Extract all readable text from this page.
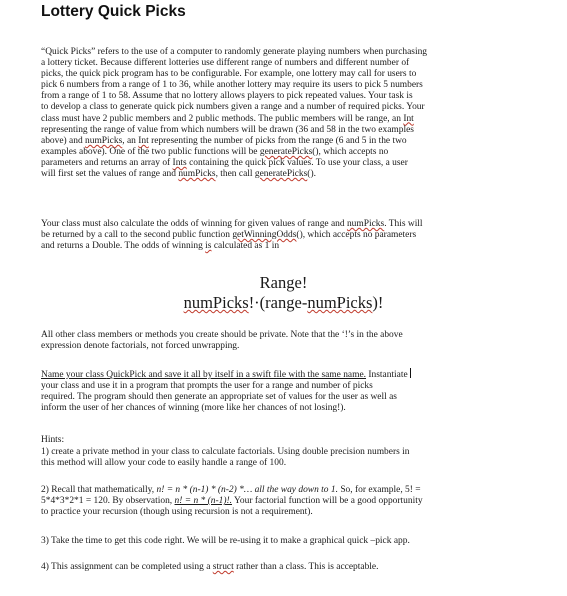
Lottery Quick Picks
“Quick Picks” refers to the use of a computer to randomly generate playing numbers when purchasing
a lottery ticket. Because different lotteries use different range of numbers and different number of
picks, the quick pick program has to be configurable. For example, one lottery may call for users to
pick 6 numbers from a range of 1 to 36, while another lottery may require its users to pick 5 numbers
from a range of 1 to 58. Assume that no lottery allows players to pick repeated values. Your task is
to develop a class to generate quick pick numbers given a range and a number of required picks. Your
class must have 2 public members and 2 public methods. The public members will be range, an Int
representing the range of value from which numbers will be drawn (36 and 58 in the two examples
above) and numPicks, an Int representing the number of picks from the range (6 and 5 in the two
examples above). One of the two public functions will be generatePicks(), which accepts no
parameters and returns an array of Ints containing the quick pick values. To use your class, a user
will first set the values of range and numPicks, then call generatePicks().
Your class must also calculate the odds of winning for given values of range and numPicks. This will
be returned by a call to the second public function getWinningOdds(), which accepts no parameters
and returns a Double. The odds of winning is calculated as 1 in
Range!
numPicks!·(range-numPicks)!
All other class members or methods you create should be private. Note that the ‘!’s in the above
expression denote factorials, not forced unwrapping.
Name your class QuickPick and save it all by itself in a swift file with the same name. Instantiate
your class and use it in a program that prompts the user for a range and number of picks
required. The program should then generate an appropriate set of values for the user as well as
inform the user of her chances of winning (more like her chances of not losing!).
Hints:
1) create a private method in your class to calculate factorials. Using double precision numbers in
this method will allow your code to easily handle a range of 100.
2) Recall that mathematically, n! = n * (n-1) * (n-2) *… all the way down to 1. So, for example, 5! =
5*4*3*2*1 = 120. By observation, n! = n * (n-1)!. Your factorial function will be a good opportunity
to practice your recursion (though using recursion is not a requirement).
3) Take the time to get this code right. We will be re-using it to make a graphical quick –pick app.
4) This assignment can be completed using a struct rather than a class. This is acceptable.
